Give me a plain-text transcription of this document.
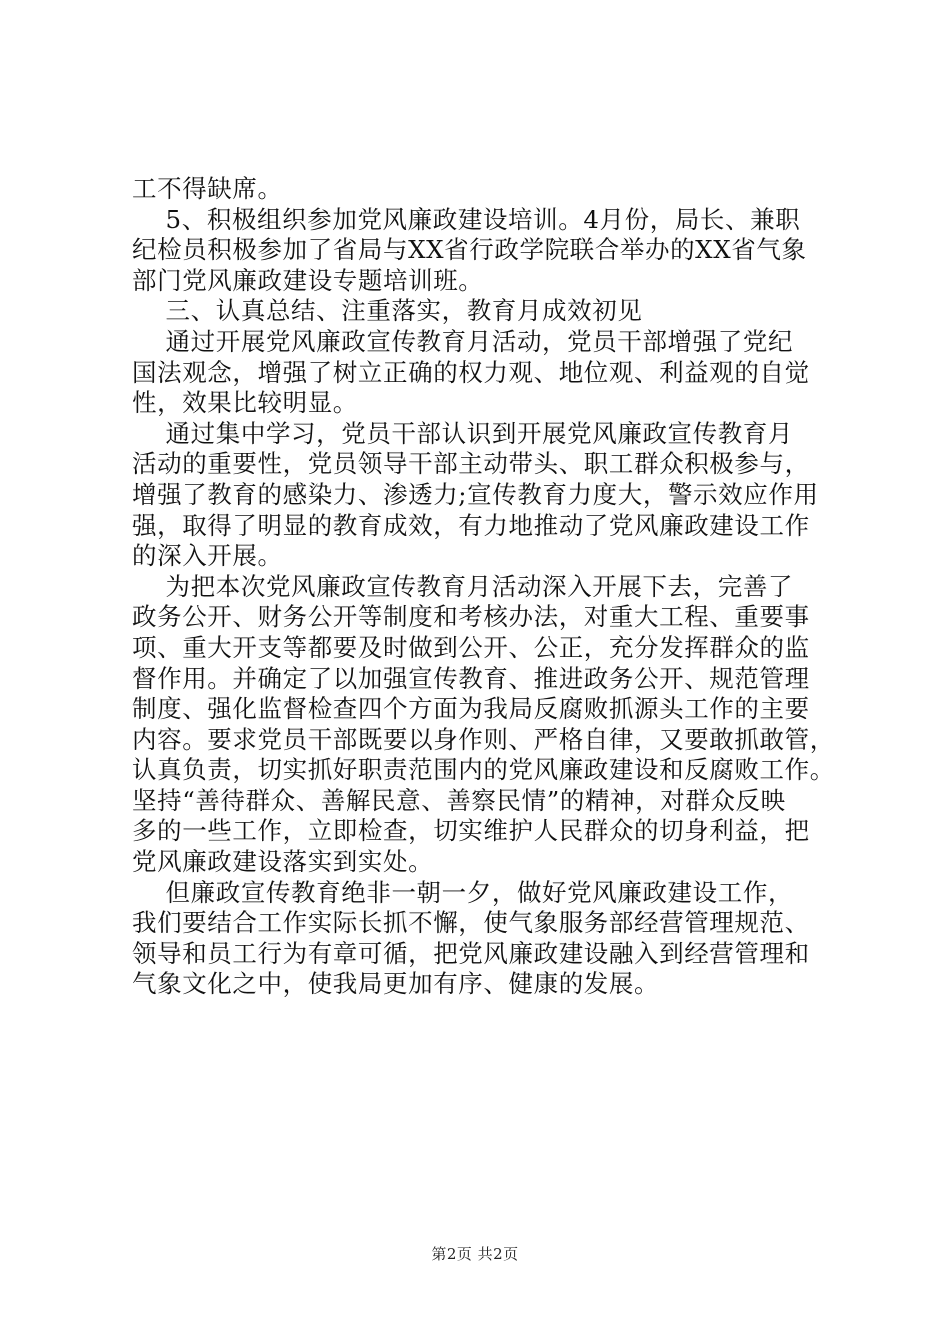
工不得缺席。
5、积极组织参加党风廉政建设培训。4月份，局长、兼职
纪检员积极参加了省局与XX省行政学院联合举办的XX省气象
部门党风廉政建设专题培训班。
三、认真总结、注重落实，教育月成效初见
通过开展党风廉政宣传教育月活动，党员干部增强了党纪
国法观念，增强了树立正确的权力观、地位观、利益观的自觉
性，效果比较明显。
通过集中学习，党员干部认识到开展党风廉政宣传教育月
活动的重要性，党员领导干部主动带头、职工群众积极参与，
增强了教育的感染力、渗透力;宣传教育力度大，警示效应作用
强，取得了明显的教育成效，有力地推动了党风廉政建设工作
的深入开展。
为把本次党风廉政宣传教育月活动深入开展下去，完善了
政务公开、财务公开等制度和考核办法，对重大工程、重要事
项、重大开支等都要及时做到公开、公正，充分发挥群众的监
督作用。并确定了以加强宣传教育、推进政务公开、规范管理
制度、强化监督检查四个方面为我局反腐败抓源头工作的主要
内容。要求党员干部既要以身作则、严格自律，又要敢抓敢管，
认真负责，切实抓好职责范围内的党风廉政建设和反腐败工作。
坚持“善待群众、善解民意、善察民情”的精神，对群众反映
多的一些工作，立即检查，切实维护人民群众的切身利益，把
党风廉政建设落实到实处。
但廉政宣传教育绝非一朝一夕，做好党风廉政建设工作，
我们要结合工作实际长抓不懈，使气象服务部经营管理规范、
领导和员工行为有章可循，把党风廉政建设融入到经营管理和
气象文化之中，使我局更加有序、健康的发展。
第2页 共2页
